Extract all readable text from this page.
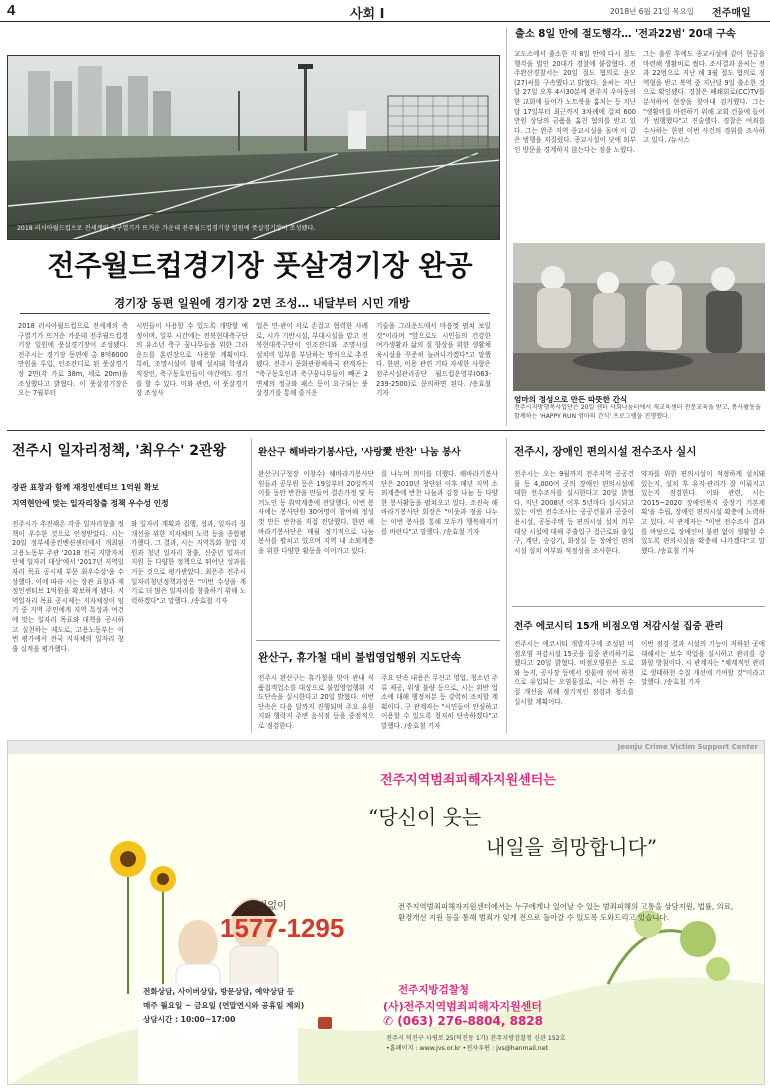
4	사회 I	2018년 6월 21일 목요일 전주매일
2018 러시아월드컵으로 전세계의 축구열기가 뜨거운 가운데 전주월드컵경기장 일원에 풋살경기장이 조성됐다.
전주월드컵경기장 풋살경기장 완공
경기장 동편 일원에 경기장 2면 조성… 내달부터 시민 개방
2018 러시아월드컵으로 전세계의 축구열기가 뜨거운 가운데 전주월드컵경기장 일원에 풋살경기장이 조성됐다. 전주시는 경기장 동편에 총 8억6000만원을 투입, 인조잔디로 된 풋살경기장 2면(각 가로 38m, 세로 20m)을 조성했다고 밝혔다. 이 풋살경기장은 오는 7월부터
시민들이 사용할 수 있도록 개방할 예정이며, 일부 시간에는 전북현대축구단의 유소년 축구 꿈나무들을 위한 그라운드를 훈련장으로 사용할 계획이다. 특히, 조명시설이 함께 설치돼 학생과 직장인, 축구동호인들이 야간에도 경기를 할 수 있다. 이와 관련, 이 풋살경기장 조성사
업은 민·관이 서로 손잡고 협력한 사례로, 시가 기반시설, 부대시설을 맡고 전북현대축구단이 인조잔디와 조명시설 설치비 일부를 부담하는 방식으로 추진됐다. 전주시 문화관광체육국 관계자는 "축구동호인과 축구꿈나무들이 빼곤 2면체의 정규와 패스 등이 요구되는 풋살경기를 통해 즐거운
기술을 그라운드에서 마음껏 펼쳐 보일 것"이라며 "앞으로도 시민들의 건강한 여가생활과 삶의 질 향상을 위한 생활체육시설을 꾸준히 늘려나가겠다"고 말했다. 한편, 이용 관련 기타 자세한 사항은 전주시설관리공단 월드컵운영부(063-239-2500)로 문의하면 된다. /송효철 기자
출소 8일 만에 절도행각… '전과22범' 20대 구속
교도소에서 출소한 지 8일 만에 다시 절도행각을 벌인 20대가 경찰에 붙잡혔다. 전주완산경찰서는 20일 절도 혐의로 윤모(27)씨를 구속했다고 밝혔다. 윤씨는 지난달 27일 오후 4시30분께 완주지 우아동의 한 교회에 들어가 노트북을 훔치는 등 지난달 17일부터 최근까지 3차례에 걸쳐 600만원 상당의 금품을 훔친 혐의를 받고 있다. 그는 완주 지역 종교시설을 돌며 이 같은 범행을 저질렀다. 종교시설이 낮에 외부인 방문을 경계하지 않는다는 점을 노렸다.
그는 출원 후에도 종교시설에 같이 현금을 마련해 생활비로 썼다. 조사결과 윤씨는 전과 22범으로 지난 해 3월 절도 혐의로 징역형을 받고 복역 중 지난달 9일 출소한 것으로 확인됐다. 경찰은 폐쇄회로(CC)TV를 분석하여 현장을 찾아내 검거했다. 그는 "생활비를 마련하기 위해 교회 건물에 들어가 범행했다"고 진술했다. 경찰은 여죄를 수사하는 한편 이번 사건의 경위를 조사하고 있다. /뉴시스
엄마의 정성으로 만든 따뜻한 간식
전주시지방행복사업단은 20일 센터 사회나눔터에서 재교육센터 전문교육을 받고, 봉사활동을 함께하는 'HAPPY RUN 엄마의 간식' 프로그램을 진행했다.
전주시 일자리정책, '최우수' 2관왕
장관 표창과 함께 재정인센티브 1억원 확보
지역현안에 맞는 일자리창출 정책 우수성 인정
전주시가 추진해온 각종 일자리창출 정책이 우수한 것으로 인정받았다. 시는 20일 정부세종컨벤션센터에서 개최된 고용노동부 주관 '2018 전국 지방자치단체 일자리 대상'에서 '2017년 지역일자리 목표 공시제 부문 최우수상'을 수상했다. 이에 따라 시는 장관 표창과 재정인센티브 1억원을 확보하게 됐다. 지역일자리 목표 공시제는 지자체장이 임기 중 지역 주민에게 지역 특성과 여건에 맞는 일자리 목표와 대책을 공시하고 실천하는 제도로, 고용노동부는 이번 평가에서 전국 지자체의 일자리 창출 실적을 평가했다.
와 일자리 계획과 집행, 성과, 일자리 질 개선을 위한 지자체의 노력 등을 종합평가했다. 그 결과, 시는 지역특화 창업 지원과 청년 일자리 창출, 신중년 일자리 지원 등 다양한 정책으로 뛰어난 성과를 거둔 것으로 평가받았다. 최은주 전주시 일자리청년정책과장은 "이번 수상을 계기로 더 많은 일자리를 창출하기 위해 노력하겠다"고 말했다. /송효철 기자
완산구 해바라기봉사단, '사랑愛 반찬' 나눔 봉사
완산구(구청장 이창수) 해바라기봉사단원들과 공무원 등은 19일부터 20일까지 이틀 동안 반찬을 만들어 결손가정 및 독거노인 등 취약계층에 전달했다. 이번 봉사에는 봉사단원 30여명이 참여해 정성껏 만든 반찬을 직접 전달했다. 한편 해바라기봉사단은 매월 정기적으로 나눔 봉사를 펼치고 있으며 지역 내 소외계층을 위한 다양한 활동을 이어가고 있다.
를 나누며 의미를 더했다. 해바라기봉사단은 2010년 창단된 이후 매년 지역 소외계층에 반찬 나눔과 김장 나눔 등 다양한 봉사활동을 펼쳐오고 있다. 조진숙 해바라기봉사단 회장은 "이웃과 정을 나누는 이번 봉사를 통해 모두가 행복해지기를 바란다"고 말했다. /송효철 기자
완산구, 휴가철 대비 불법영업행위 지도단속
전주시 완산구는 휴가철을 맞아 관내 식품접객업소를 대상으로 불법영업행위 지도단속을 실시한다고 20일 밝혔다. 이번 단속은 다음 달까지 진행되며 주요 유원지와 행락지 주변 음식점 등을 중점적으로 점검한다.
주요 단속 내용은 무신고 영업, 청소년 주류 제공, 위생 불량 등으로, 시는 위반 업소에 대해 행정처분 등 강력히 조치할 계획이다. 구 관계자는 "시민들이 안심하고 이용할 수 있도록 철저히 단속하겠다"고 말했다. /송효철 기자
전주시, 장애인 편의시설 전수조사 실시
전주시는 오는 9월까지 전주지역 공공건물 등 4,000여 곳의 장애인 편의시설에 대한 전수조사를 실시한다고 20일 밝혔다. 지난 2008년 이후 5년마다 실시되고 있는 이번 전수조사는 공공건물과 공중이용시설, 공동주택 등 편의시설 설치 의무대상 시설에 대해 주출입구 접근로와 출입구, 계단, 승강기, 화장실 등 장애인 편의시설 설치 여부와 적정성을 조사한다.
약자를 위한 편의시설이 적정하게 설치돼 있는지, 설치 후 유지·관리가 잘 이뤄지고 있는지 점검한다. 이와 관련, 시는 '2015~2020 장애인복지 중장기 기본계획'을 수립, 장애인 편의시설 확충에 노력하고 있다. 시 관계자는 "이번 전수조사 결과를 바탕으로 장애인이 불편 없이 생활할 수 있도록 편의시설을 확충해 나가겠다"고 말했다. /송효철 기자
전주 에코시티 15개 비점오염 저감시설 집중 관리
전주시는 에코시티 개발지구에 조성된 비점오염 저감시설 15곳을 집중 관리하기로 했다고 20일 밝혔다. 비점오염원은 도로와 농지, 공사장 등에서 빗물에 섞여 하천으로 유입되는 오염물질로, 시는 하천 수질 개선을 위해 정기적인 점검과 청소를 실시할 계획이다.
이번 점검 결과 시설의 기능이 저하된 곳에 대해서는 보수 작업을 실시하고 관리를 강화할 방침이다. 시 관계자는 "체계적인 관리로 생태하천 수질 개선에 기여할 것"이라고 말했다. /송효철 기자
Jeonju Crime Victim Support Center
전주지역범죄피해자지원센터는
“당신이 웃는
내일을 희망합니다”
전주지역범죄피해자지원센터에서는 누구에게나 일어날 수 있는 범죄피해의 고통을 상담지원, 법률, 의료, 환경개선 지원 등을 통해 범죄가 잊게 전으로 돌아갈 수 있도록 도와드리고 있습니다.
국번없이
1577-1295
전화상담, 사이버상담, 방문상담, 예약상담 등
매주 월요일 ~ 금요일 (연말연시와 공휴일 제외)
상담시간 : 10:00~17:00
전주지방검찰청
(사)전주지역범죄피해자지원센터
✆ (063) 276-8804, 8828
전주시 덕진구 사평로 25(덕진동 1가) 전주지방검찰청 신관 152호
•홈페이지 : www.jvs.or.kr •전자우편 : jvs@hanmail.net
